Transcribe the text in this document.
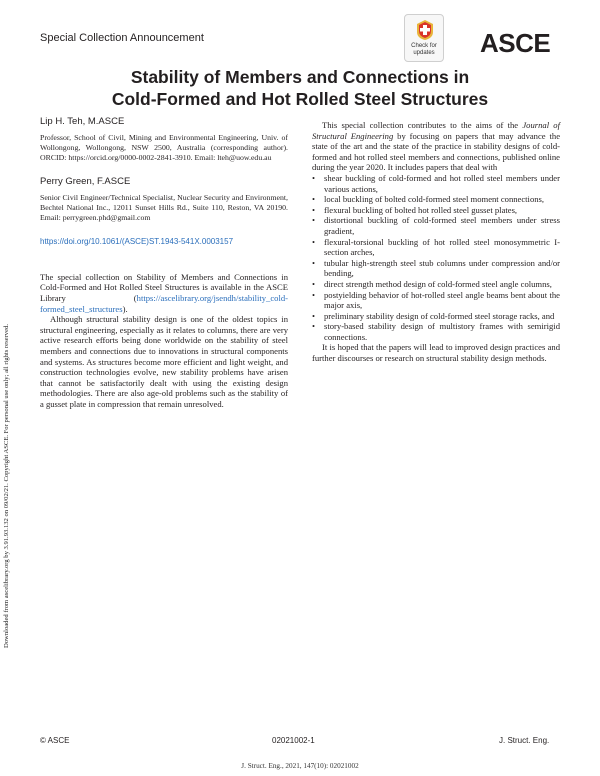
Downloaded from ascelibrary.org by 3.91.93.132 on 09/02/21. Copyright ASCE. For personal use only; all rights reserved.
Special Collection Announcement
Check for
updates	ASCE
Stability of Members and Connections in
Cold-Formed and Hot Rolled Steel Structures
Lip H. Teh, M.ASCE
Professor, School of Civil, Mining and Environmental Engineering, Univ. of Wollongong, Wollongong, NSW 2500, Australia (corresponding author). ORCID: https://orcid.org/0000-0002-2841-3910. Email: lteh@uow.edu.au
Perry Green, F.ASCE
Senior Civil Engineer/Technical Specialist, Nuclear Security and Environment, Bechtel National Inc., 12011 Sunset Hills Rd., Suite 110, Reston, VA 20190. Email: perrygreen.phd@gmail.com
https://doi.org/10.1061/(ASCE)ST.1943-541X.0003157
The special collection on Stability of Members and Connections in Cold-Formed and Hot Rolled Steel Structures is available in the ASCE Library (https://ascelibrary.org/jsendh/stability_cold-formed_steel_structures).
Although structural stability design is one of the oldest topics in structural engineering, especially as it relates to columns, there are very active research efforts being done worldwide on the stability of steel members and connections due to innovations in structural components and systems. As structures become more efficient and light weight, and construction technologies evolve, new stability problems have arisen that cannot be satisfactorily dealt with using the existing design methodologies. There are also age-old problems such as the stability of a gusset plate in compression that remain unresolved.
This special collection contributes to the aims of the Journal of Structural Engineering by focusing on papers that may advance the state of the art and the state of the practice in stability designs of cold-formed and hot rolled steel members and connections, published online during the year 2020. It includes papers that deal with
• shear buckling of cold-formed and hot rolled steel members under various actions,
• local buckling of bolted cold-formed steel moment connections,
• flexural buckling of bolted hot rolled steel gusset plates,
• distortional buckling of cold-formed steel members under stress gradient,
• flexural-torsional buckling of hot rolled steel monosymmetric I-section arches,
• tubular high-strength steel stub columns under compression and/or bending,
• direct strength method design of cold-formed steel angle columns,
• postyielding behavior of hot-rolled steel angle beams bent about the major axis,
• preliminary stability design of cold-formed steel storage racks, and
• story-based stability design of multistory frames with semirigid connections.
It is hoped that the papers will lead to improved design practices and further discourses or research on structural stability design methods.
© ASCE	02021002-1	J. Struct. Eng.
J. Struct. Eng., 2021, 147(10): 02021002
